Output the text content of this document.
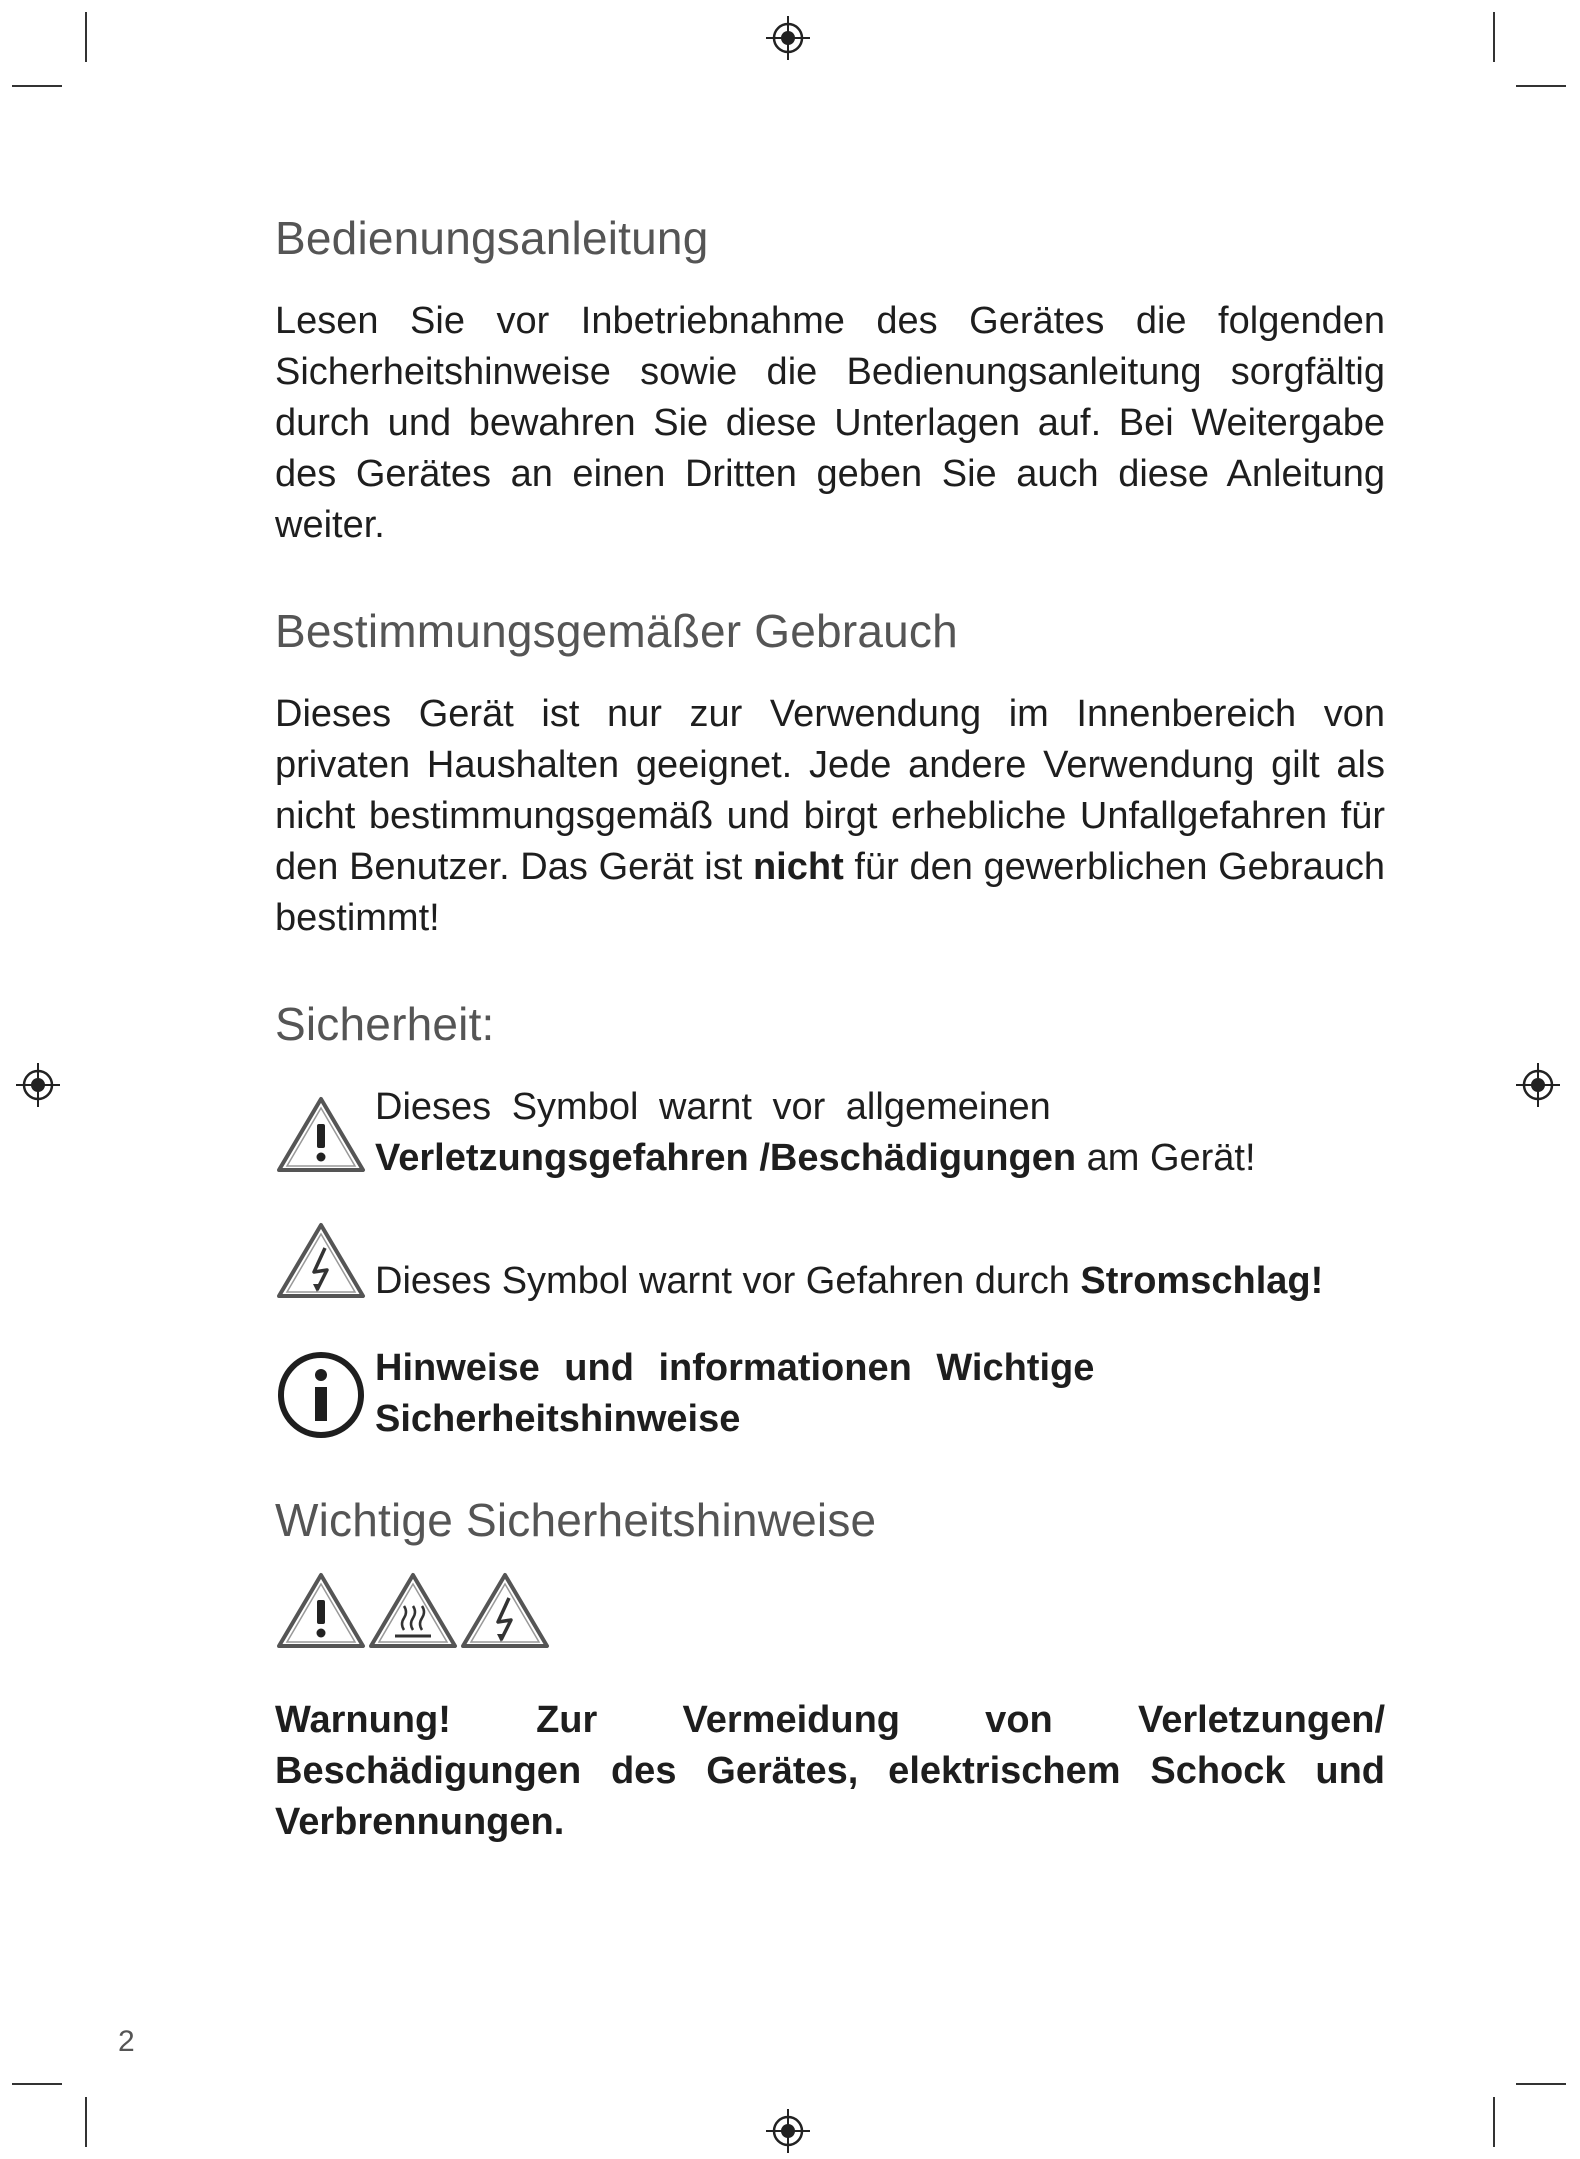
Bedienungsanleitung

Lesen Sie vor Inbetriebnahme des Gerätes die folgenden Sicherheitshinweise sowie die Bedienungsanleitung sorgfältig durch und bewahren Sie diese Unterlagen auf. Bei Weitergabe des Gerätes an einen Dritten geben Sie auch diese Anleitung weiter.

Bestimmungsgemäßer Gebrauch

Dieses Gerät ist nur zur Verwendung im Innenbereich von privaten Haushalten geeignet. Jede andere Verwendung gilt als nicht bestimmungsgemäß und birgt erhebliche Unfallgefahren für den Benutzer. Das Gerät ist nicht für den gewerblichen Gebrauch bestimmt!

Sicherheit:

Dieses Symbol warnt vor allgemeinen

Verletzungsgefahren /Beschädigungen am Gerät!

Dieses Symbol warnt vor Gefahren durch Stromschlag!

Hinweise und informationen Wichtige Sicherheitshinweise

Wichtige Sicherheitshinweise

Warnung! Zur Vermeidung von Verletzungen/ Beschädigungen des Gerätes, elektrischem Schock und Verbrennungen.

2
